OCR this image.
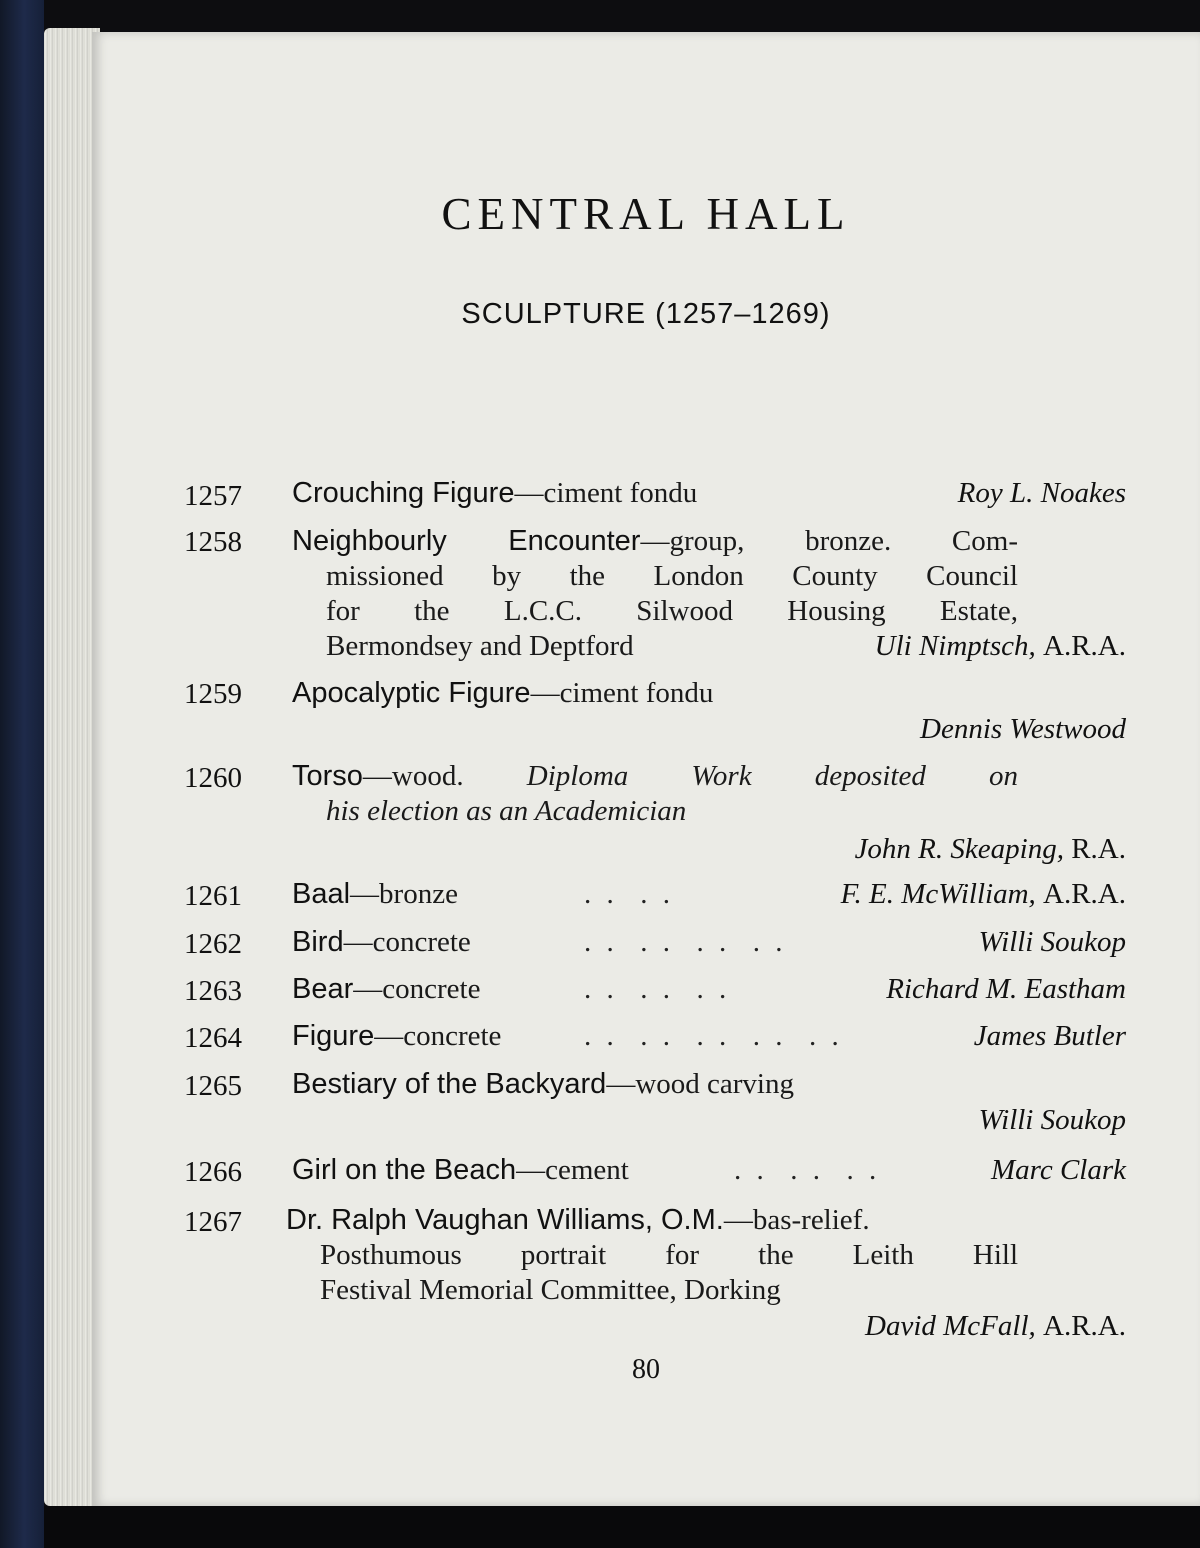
CENTRAL HALL
SCULPTURE (1257–1269)
1257 Crouching Figure—ciment fondu	Roy L. Noakes
1258 Neighbourly Encounter—group, bronze. Com-
missioned by the London County Council
for the L.C.C. Silwood Housing Estate,
Bermondsey and Deptford	Uli Nimptsch, A.R.A.
1259 Apocalyptic Figure—ciment fondu
Dennis Westwood
1260 Torso—wood. Diploma Work deposited on
his election as an Academician
John R. Skeaping, R.A.
1261 Baal—bronze	. .  . .	F. E. McWilliam, A.R.A.
1262 Bird—concrete	. .  . .  . .  . .	Willi Soukop
1263 Bear—concrete	. .  . .  . .	Richard M. Eastham
1264 Figure—concrete	. .  . .  . .  . .  . .	James Butler
1265 Bestiary of the Backyard—wood carving
Willi Soukop
1266 Girl on the Beach—cement	. .  . .  . .	Marc Clark
1267 Dr. Ralph Vaughan Williams, O.M.—bas-relief.
Posthumous portrait for the Leith Hill
Festival Memorial Committee, Dorking
David McFall, A.R.A.
80
